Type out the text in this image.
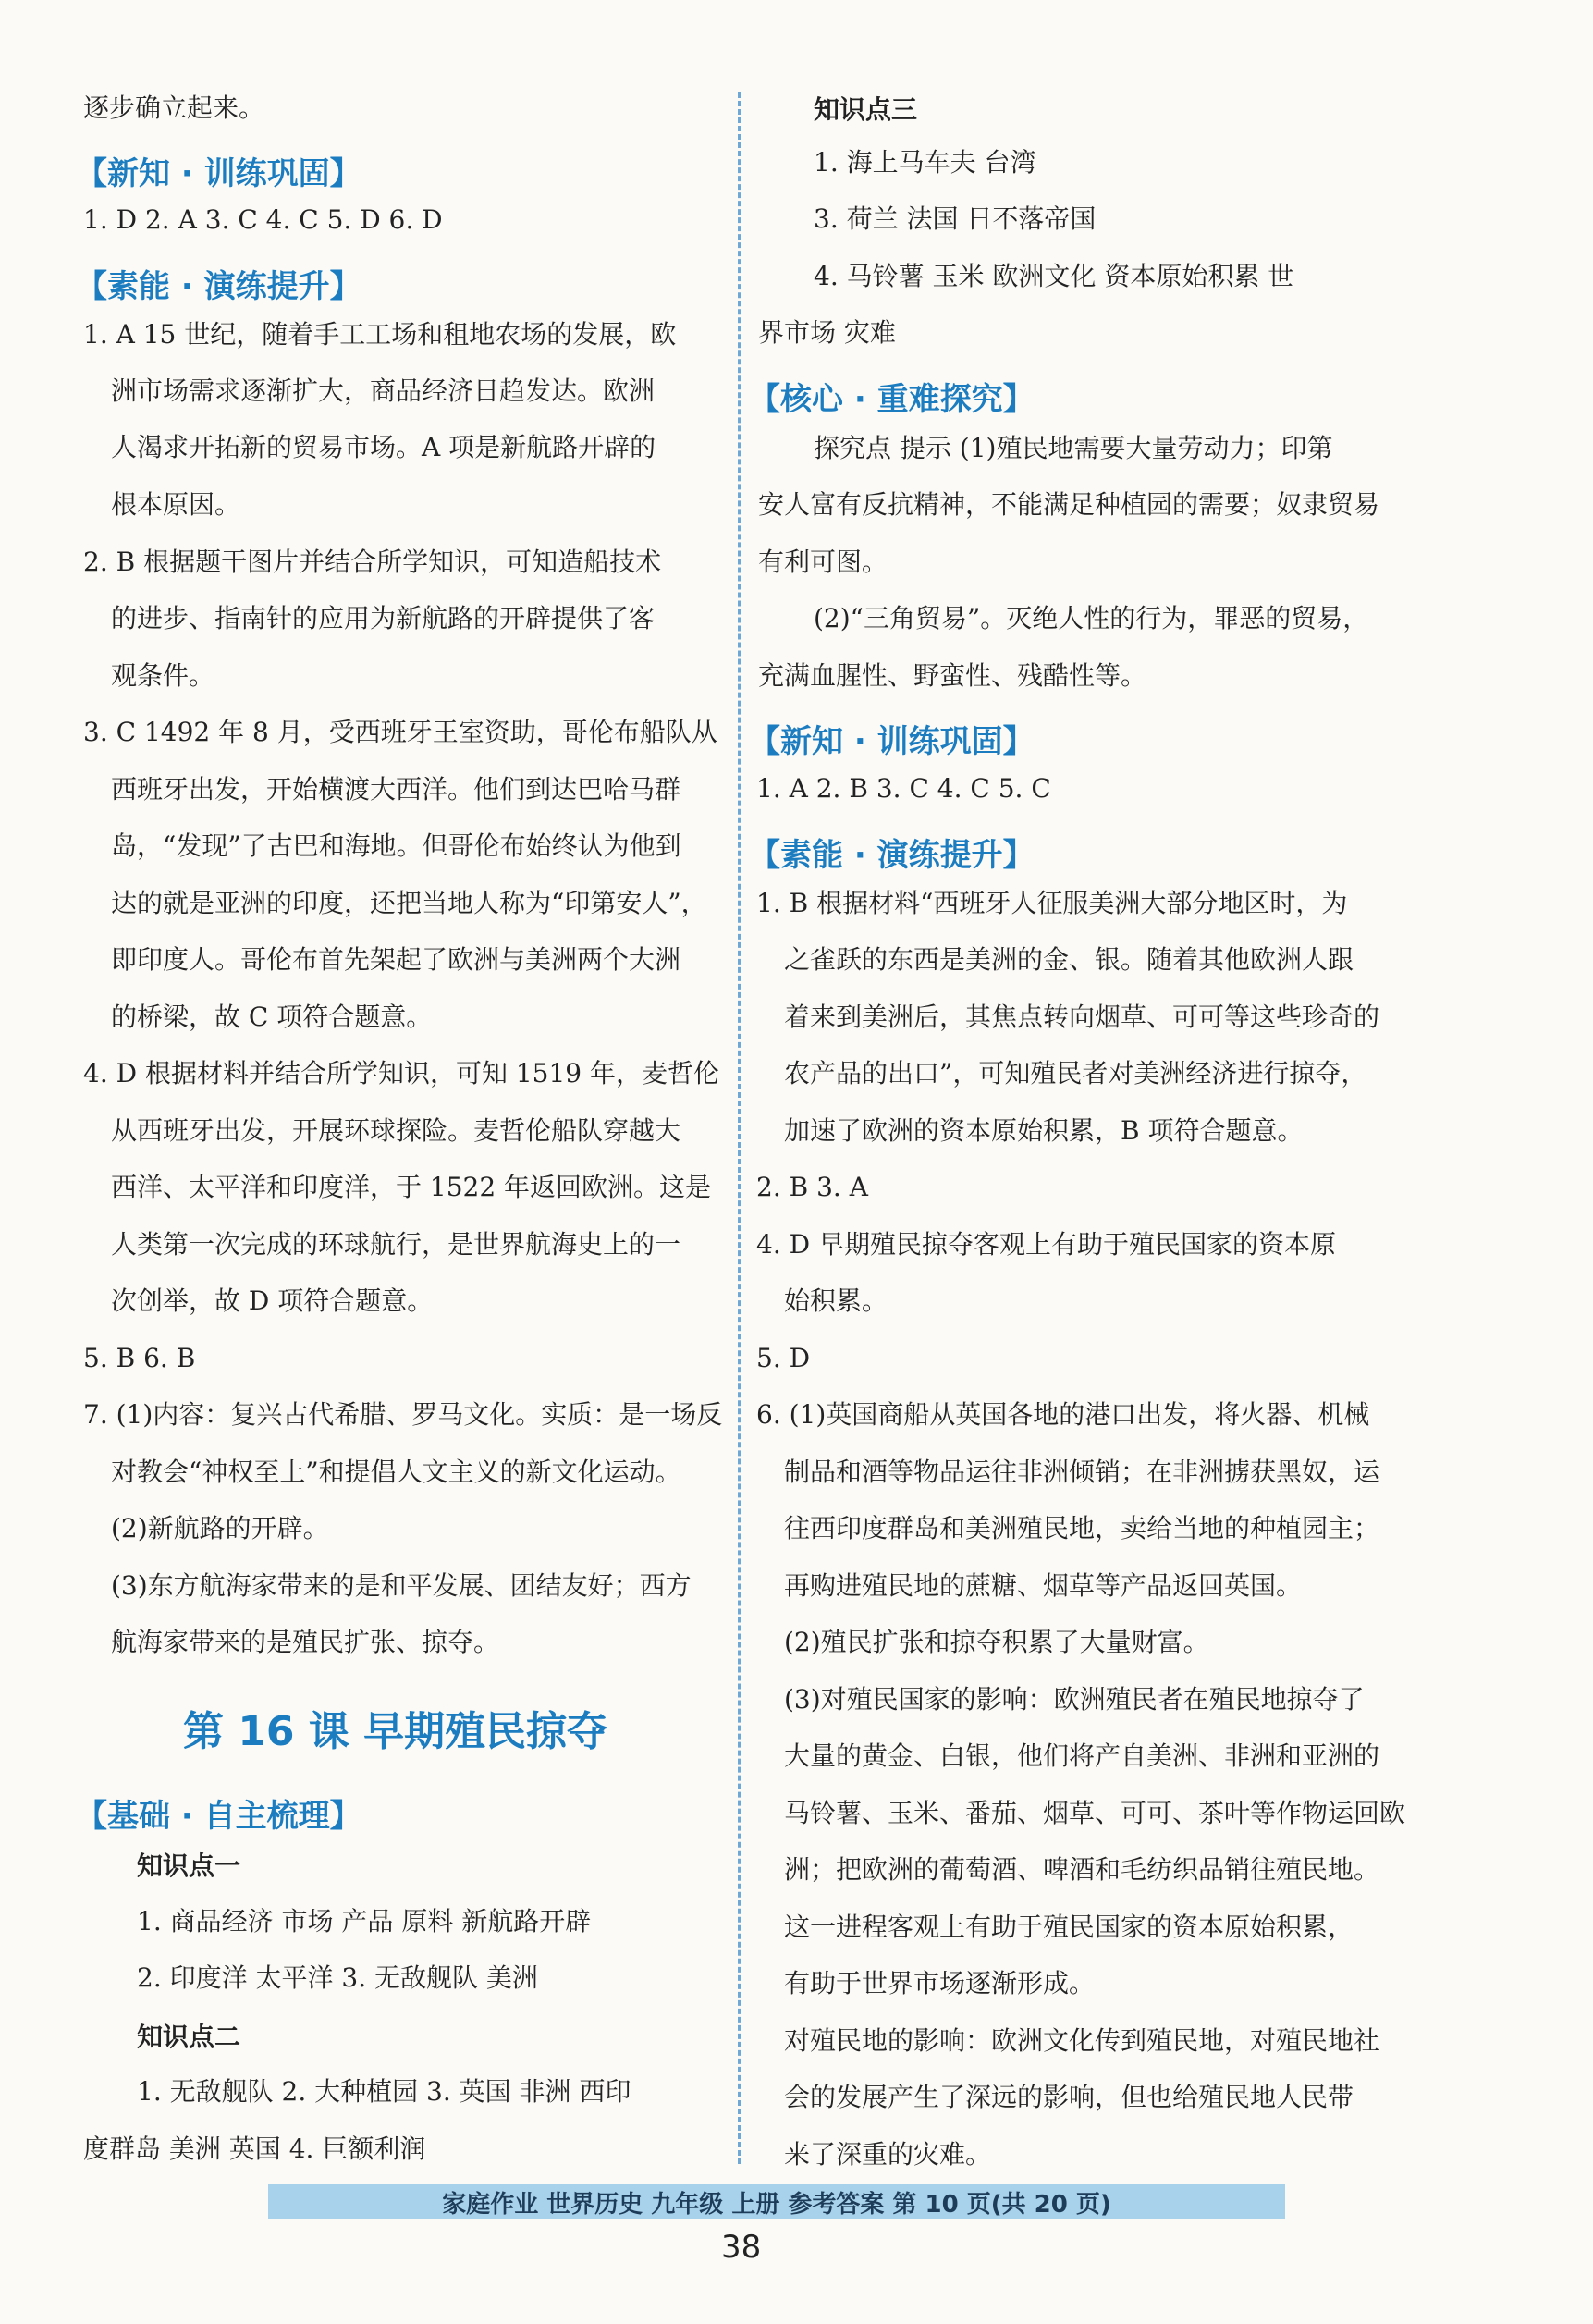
逐步确立起来。
【新知 · 训练巩固】
1. D 2. A 3. C 4. C 5. D 6. D
【素能 · 演练提升】
1. A 15 世纪，随着手工工场和租地农场的发展，欧
洲市场需求逐渐扩大，商品经济日趋发达。欧洲
人渴求开拓新的贸易市场。A 项是新航路开辟的
根本原因。
2. B 根据题干图片并结合所学知识，可知造船技术
的进步、指南针的应用为新航路的开辟提供了客
观条件。
3. C 1492 年 8 月，受西班牙王室资助，哥伦布船队从
西班牙出发，开始横渡大西洋。他们到达巴哈马群
岛，“发现”了古巴和海地。但哥伦布始终认为他到
达的就是亚洲的印度，还把当地人称为“印第安人”，
即印度人。哥伦布首先架起了欧洲与美洲两个大洲
的桥梁，故 C 项符合题意。
4. D 根据材料并结合所学知识，可知 1519 年，麦哲伦
从西班牙出发，开展环球探险。麦哲伦船队穿越大
西洋、太平洋和印度洋，于 1522 年返回欧洲。这是
人类第一次完成的环球航行，是世界航海史上的一
次创举，故 D 项符合题意。
5. B 6. B
7. (1)内容：复兴古代希腊、罗马文化。实质：是一场反
对教会“神权至上”和提倡人文主义的新文化运动。
(2)新航路的开辟。
(3)东方航海家带来的是和平发展、团结友好；西方
航海家带来的是殖民扩张、掠夺。
第 16 课 早期殖民掠夺
【基础 · 自主梳理】
知识点一
1. 商品经济 市场 产品 原料 新航路开辟
2. 印度洋 太平洋 3. 无敌舰队 美洲
知识点二
1. 无敌舰队 2. 大种植园 3. 英国 非洲 西印
度群岛 美洲 英国 4. 巨额利润
知识点三
1. 海上马车夫 台湾
3. 荷兰 法国 日不落帝国
4. 马铃薯 玉米 欧洲文化 资本原始积累 世
界市场 灾难
【核心 · 重难探究】
探究点 提示 (1)殖民地需要大量劳动力；印第
安人富有反抗精神，不能满足种植园的需要；奴隶贸易
有利可图。
(2)“三角贸易”。灭绝人性的行为，罪恶的贸易，
充满血腥性、野蛮性、残酷性等。
【新知 · 训练巩固】
1. A 2. B 3. C 4. C 5. C
【素能 · 演练提升】
1. B 根据材料“西班牙人征服美洲大部分地区时，为
之雀跃的东西是美洲的金、银。随着其他欧洲人跟
着来到美洲后，其焦点转向烟草、可可等这些珍奇的
农产品的出口”，可知殖民者对美洲经济进行掠夺，
加速了欧洲的资本原始积累，B 项符合题意。
2. B 3. A
4. D 早期殖民掠夺客观上有助于殖民国家的资本原
始积累。
5. D
6. (1)英国商船从英国各地的港口出发，将火器、机械
制品和酒等物品运往非洲倾销；在非洲掳获黑奴，运
往西印度群岛和美洲殖民地，卖给当地的种植园主；
再购进殖民地的蔗糖、烟草等产品返回英国。
(2)殖民扩张和掠夺积累了大量财富。
(3)对殖民国家的影响：欧洲殖民者在殖民地掠夺了
大量的黄金、白银，他们将产自美洲、非洲和亚洲的
马铃薯、玉米、番茄、烟草、可可、茶叶等作物运回欧
洲；把欧洲的葡萄酒、啤酒和毛纺织品销往殖民地。
这一进程客观上有助于殖民国家的资本原始积累，
有助于世界市场逐渐形成。
对殖民地的影响：欧洲文化传到殖民地，对殖民地社
会的发展产生了深远的影响，但也给殖民地人民带
来了深重的灾难。
家庭作业 世界历史 九年级 上册 参考答案 第 10 页(共 20 页)
38
